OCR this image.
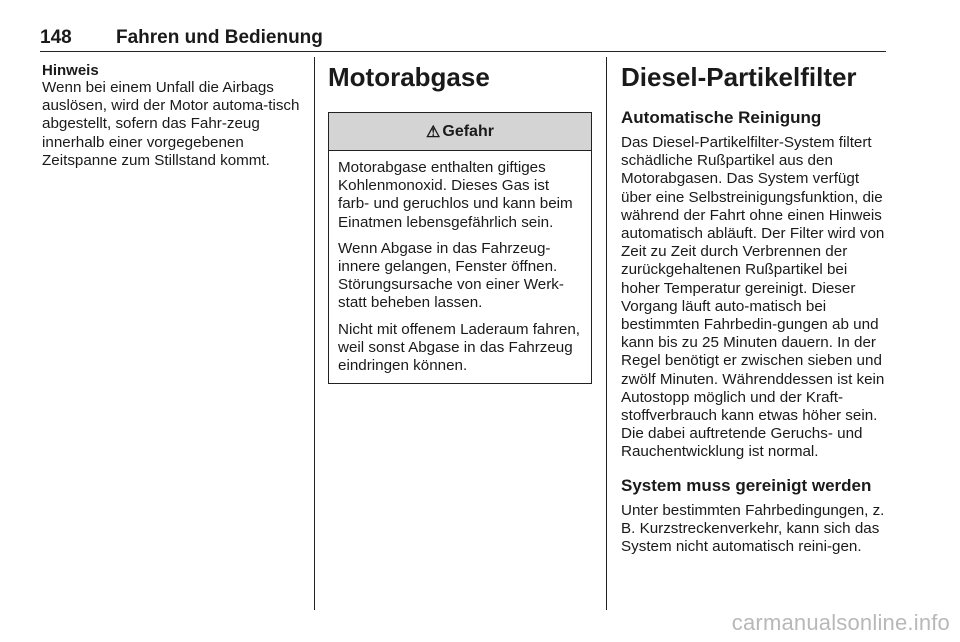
148 Fahren und Bedienung
Hinweis

Wenn bei einem Unfall die Airbags auslösen, wird der Motor automa-tisch abgestellt, sofern das Fahr-zeug innerhalb einer vorgegebenen Zeitspanne zum Stillstand kommt.

Motorabgase
⚠ Gefahr

Motorabgase enthalten giftiges Kohlenmonoxid. Dieses Gas ist farb- und geruchlos und kann beim Einatmen lebensgefährlich sein.

Wenn Abgase in das Fahrzeug-innere gelangen, Fenster öffnen. Störungsursache von einer Werk-statt beheben lassen.

Nicht mit offenem Laderaum fahren, weil sonst Abgase in das Fahrzeug eindringen können.

Diesel-Partikelfilter
Automatische Reinigung

Das Diesel-Partikelfilter-System filtert schädliche Rußpartikel aus den Motorabgasen. Das System verfügt über eine Selbstreinigungsfunktion, die während der Fahrt ohne einen Hinweis automatisch abläuft. Der Filter wird von Zeit zu Zeit durch Verbrennen der zurückgehaltenen Rußpartikel bei hoher Temperatur gereinigt. Dieser Vorgang läuft auto-matisch bei bestimmten Fahrbedin-gungen ab und kann bis zu 25 Minuten dauern. In der Regel benötigt er zwischen sieben und zwölf Minuten. Währenddessen ist kein Autostopp möglich und der Kraft-stoffverbrauch kann etwas höher sein. Die dabei auftretende Geruchs- und Rauchentwicklung ist normal.

System muss gereinigt werden

Unter bestimmten Fahrbedingungen, z. B. Kurzstreckenverkehr, kann sich das System nicht automatisch reini-gen.

carmanualsonline.info
